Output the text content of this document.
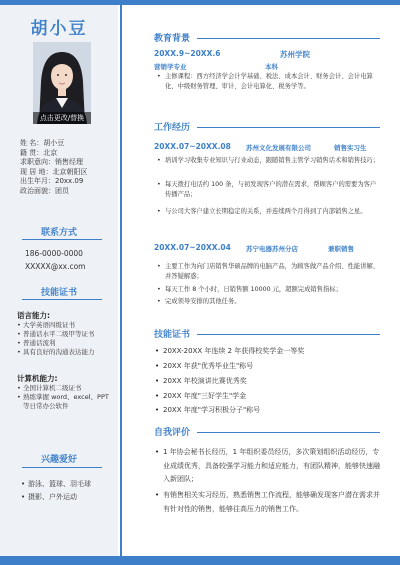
胡小豆
点击更改/替换
姓 名：胡小豆
籍 贯：北京
求职意向：销售经理
现 居 地：北京朝阳区
出生年月：20xx.09
政治面貌：团员
联系方式
186-0000-0000
XXXXX@xx.com
技能证书
语言能力:
• 大学英语四级证书
• 普通话水平二级甲等证书
• 普通话流利
• 具有良好的沟通表达能力
计算机能力:
• 全国计算机二级证书
• 熟练掌握 word、excel、PPT 等日常办公软件
兴趣爱好
• 游泳、篮球、羽毛球
• 摄影、户外运动
教育背景
20XX.9~20XX.6	苏州学院
营销学专业	本科
• 主修课程：西方经济学会计学基础、税法、成本会计、财务会计、会计电算化、中级财务管理、审计、会计电算化、税务学等。
工作经历
20XX.07~20XX.08 苏州文化发展有限公司	销售实习生
• 培训学习收集专业知识与行业动态，跟随销售主管学习销售话术和销售技巧；
• 每天拨打电话约 100 条，与初发现客户的潜在需求，帮顾客户的需要为客户传播产品；
• 与公司大客户建立长期稳定的关系，并连续两个月得到了内部销售之星。
20XX.07~20XX.04 苏宁电器苏州分店	兼职销售
• 主要工作为向门店销售华硕品牌的电脑产品，为顾客做产品介绍、性能讲解、并答疑解惑；
• 每天工作 8 个小时，日销售额 10000 元，超额完成销售指标；
• 完成领导安排的其他任务。
技能证书
• 20XX-20XX 年连续 2 年获得校奖学金一等奖
• 20XX 年获"优秀毕业生"称号
• 20XX 年校演讲比赛优秀奖
• 20XX 年度"三好学生"学金
• 20XX 年度"学习积极分子"称号
自我评价
• 1 年协会秘书长经历，1 年组织委员经历，多次策划组织活动经历，专业成绩优秀，具备较强学习能力和适应能力，有团队精神，能够快速融入新团队；
• 有销售相关实习经历，熟悉销售工作流程，能够确发现客户潜在需求并有针对性的销售，能够往高压力的销售工作。
